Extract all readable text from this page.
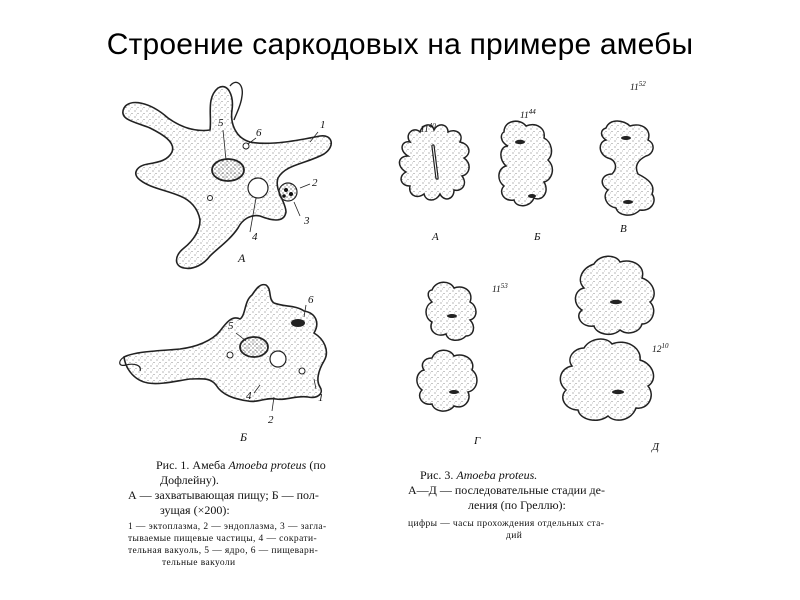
Строение саркодовых на примере амебы
5
6
1
2
3
4
А
5
6
1
2
4
Б
Рис. 1. Амеба Amoeba proteus (по
Дофлейну).
А — захватывающая пищу; Б — пол-
зущая (×200):
1 — эктоплазма, 2 — эндоплазма, 3 — загла-
тываемые пищевые частицы, 4 — сократи-
тельная вакуоль, 5 — ядро, 6 — пищеварн-
тельные вакуоли
$11^{40}$
А
$11^{44}$
Б
$11^{52}$
В
$11^{53}$
Г
$12^{10}$
Д
Рис. 3. Amoeba proteus.
А—Д — последовательные стадии де-
ления (по Греллю):
цифры — часы прохождения отдельных ста-
дий
